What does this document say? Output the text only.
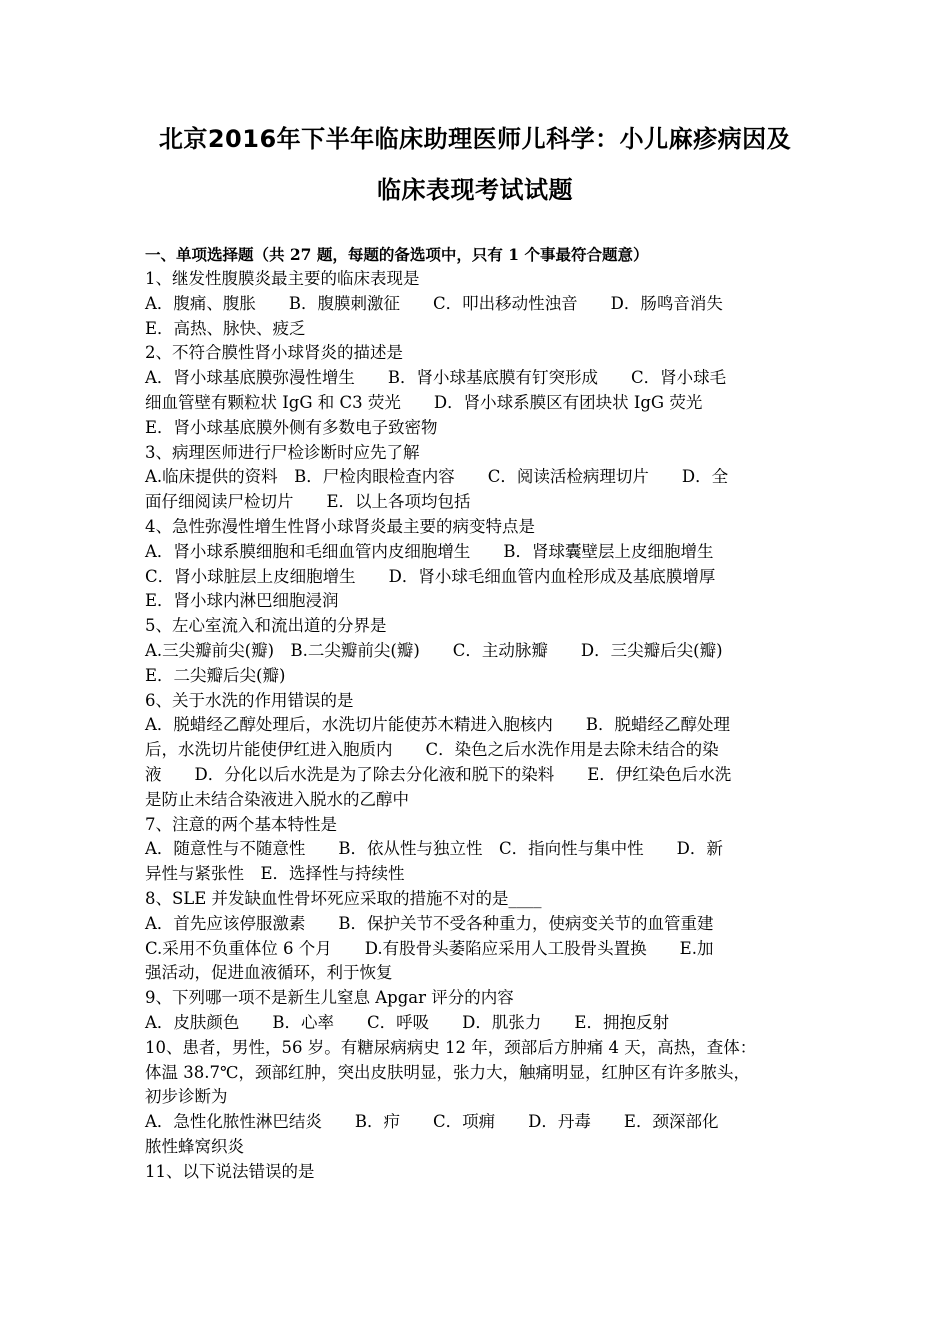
北京2016年下半年临床助理医师儿科学：小儿麻疹病因及
临床表现考试试题
一、单项选择题（共 27 题，每题的备选项中，只有 1 个事最符合题意）
1、继发性腹膜炎最主要的临床表现是
A．腹痛、腹胀　　B．腹膜刺激征　　C．叩出移动性浊音　　D．肠鸣音消失
E．高热、脉快、疲乏
2、不符合膜性肾小球肾炎的描述是
A．肾小球基底膜弥漫性增生　　B．肾小球基底膜有钉突形成　　C．肾小球毛
细血管壁有颗粒状 IgG 和 C3 荧光　　D．肾小球系膜区有团块状 IgG 荧光
E．肾小球基底膜外侧有多数电子致密物
3、病理医师进行尸检诊断时应先了解
A.临床提供的资料　B．尸检肉眼检查内容　　C．阅读活检病理切片　　D．全
面仔细阅读尸检切片　　E．以上各项均包括
4、急性弥漫性增生性肾小球肾炎最主要的病变特点是
A．肾小球系膜细胞和毛细血管内皮细胞增生　　B．肾球囊壁层上皮细胞增生
C．肾小球脏层上皮细胞增生　　D．肾小球毛细血管内血栓形成及基底膜增厚
E．肾小球内淋巴细胞浸润
5、左心室流入和流出道的分界是
A.三尖瓣前尖(瓣)　B.二尖瓣前尖(瓣)　　C．主动脉瓣　　D．三尖瓣后尖(瓣)
E．二尖瓣后尖(瓣)
6、关于水洗的作用错误的是
A．脱蜡经乙醇处理后，水洗切片能使苏木精进入胞核内　　B．脱蜡经乙醇处理
后，水洗切片能使伊红进入胞质内　　C．染色之后水洗作用是去除未结合的染
液　　D．分化以后水洗是为了除去分化液和脱下的染料　　E．伊红染色后水洗
是防止未结合染液进入脱水的乙醇中
7、注意的两个基本特性是
A．随意性与不随意性　　B．依从性与独立性　C．指向性与集中性　　D．新
异性与紧张性　E．选择性与持续性
8、SLE 并发缺血性骨坏死应采取的措施不对的是____
A．首先应该停服激素　　B．保护关节不受各种重力，使病变关节的血管重建
C.采用不负重体位 6 个月　　D.有股骨头萎陷应采用人工股骨头置换　　E.加
强活动，促进血液循环，利于恢复
9、下列哪一项不是新生儿窒息 Apgar 评分的内容
A．皮肤颜色　　B．心率　　C．呼吸　　D．肌张力　　E．拥抱反射
10、患者，男性，56 岁。有糖尿病病史 12 年，颈部后方肿痛 4 天，高热，查体：
体温 38.7℃，颈部红肿，突出皮肤明显，张力大，触痛明显，红肿区有许多脓头，
初步诊断为
A．急性化脓性淋巴结炎　　B．疖　　C．项痈　　D．丹毒　　E．颈深部化
脓性蜂窝织炎
11、以下说法错误的是
